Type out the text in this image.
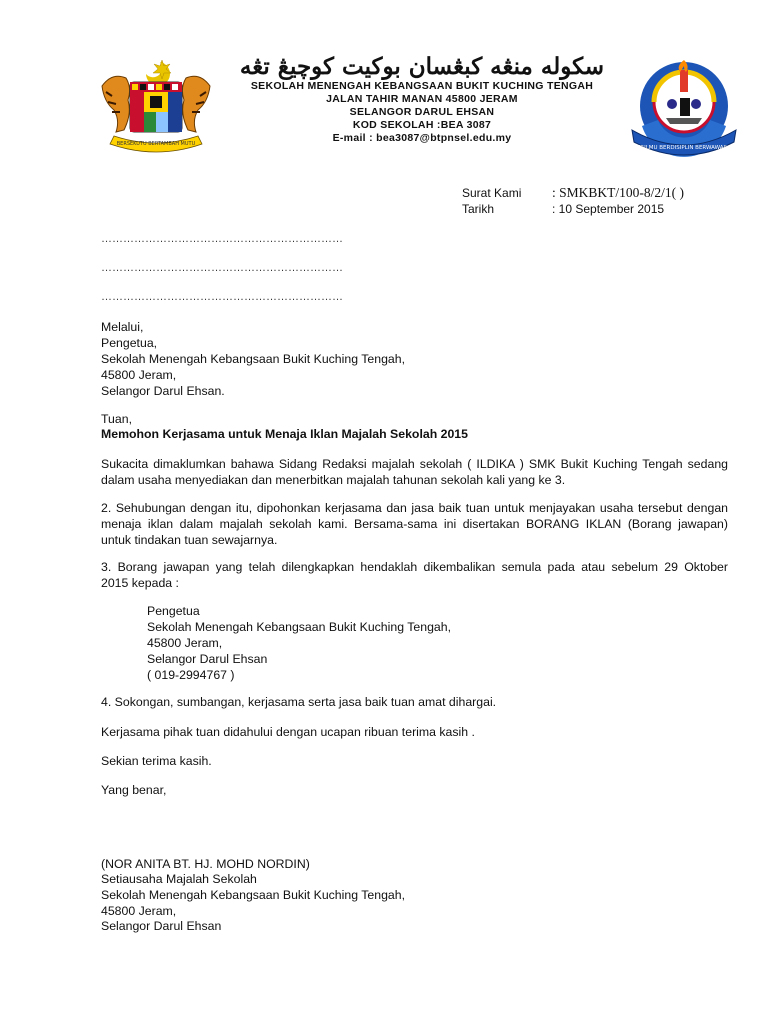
BERSEKUTU BERTAMBAH MUTU
سکوله منڠه کبڠسان بوکيت کوچيڠ تڠه
SEKOLAH MENENGAH KEBANGSAAN BUKIT KUCHING TENGAH
JALAN TAHIR MANAN 45800 JERAM
SELANGOR DARUL EHSAN
KOD SEKOLAH :BEA 3087
E-mail : bea3087@btpnsel.edu.my
BERILMU BERDISIPLIN BERWAWASAN
Surat Kami : SMKBKT/100-8/2/1( )
Tarikh	: 10 September 2015
…………………………………………………………
…………………………………………………………
…………………………………………………………
Melalui,
Pengetua,
Sekolah Menengah Kebangsaan Bukit Kuching Tengah,
45800 Jeram,
Selangor Darul Ehsan.
Tuan,
Memohon Kerjasama untuk Menaja Iklan Majalah Sekolah 2015
Sukacita dimaklumkan bahawa Sidang Redaksi majalah sekolah ( ILDIKA ) SMK Bukit Kuching Tengah sedang
dalam usaha menyediakan dan menerbitkan majalah tahunan sekolah kali yang ke 3.
2. Sehubungan dengan itu, dipohonkan kerjasama dan jasa baik tuan untuk menjayakan usaha tersebut dengan
menaja iklan dalam majalah sekolah kami. Bersama-sama ini disertakan BORANG IKLAN (Borang jawapan)
untuk tindakan tuan sewajarnya.
3. Borang jawapan yang telah dilengkapkan hendaklah dikembalikan semula pada atau sebelum 29 Oktober
2015 kepada :
Pengetua
Sekolah Menengah Kebangsaan Bukit Kuching Tengah,
45800 Jeram,
Selangor Darul Ehsan
( 019-2994767 )
4. Sokongan, sumbangan, kerjasama serta jasa baik tuan amat dihargai.
Kerjasama pihak tuan didahului dengan ucapan ribuan terima kasih .
Sekian terima kasih.
Yang benar,
(NOR ANITA BT. HJ. MOHD NORDIN)
Setiausaha Majalah Sekolah
Sekolah Menengah Kebangsaan Bukit Kuching Tengah,
45800 Jeram,
Selangor Darul Ehsan
